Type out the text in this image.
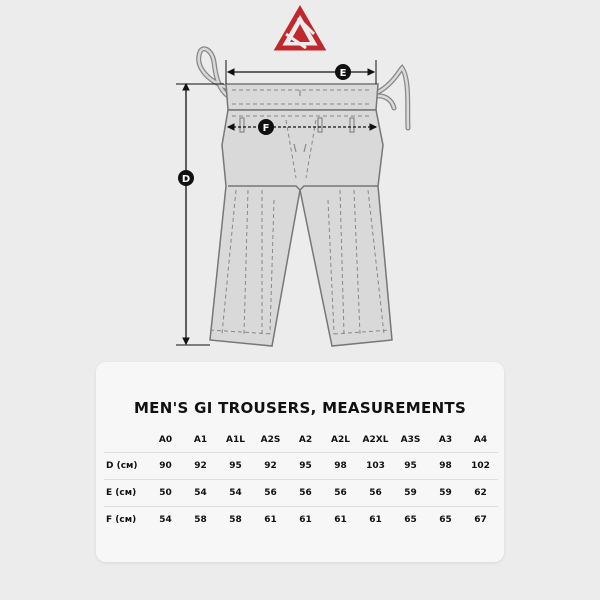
E
F
D
MEN'S GI TROUSERS, MEASUREMENTS
	A0	A1	A1L	A2S	A2	A2L	A2XL	A3S	A3	A4
D (см)	90	92	95	92	95	98	103	95	98	102
E (см)	50	54	54	56	56	56	56	59	59	62
F (см)	54	58	58	61	61	61	61	65	65	67
